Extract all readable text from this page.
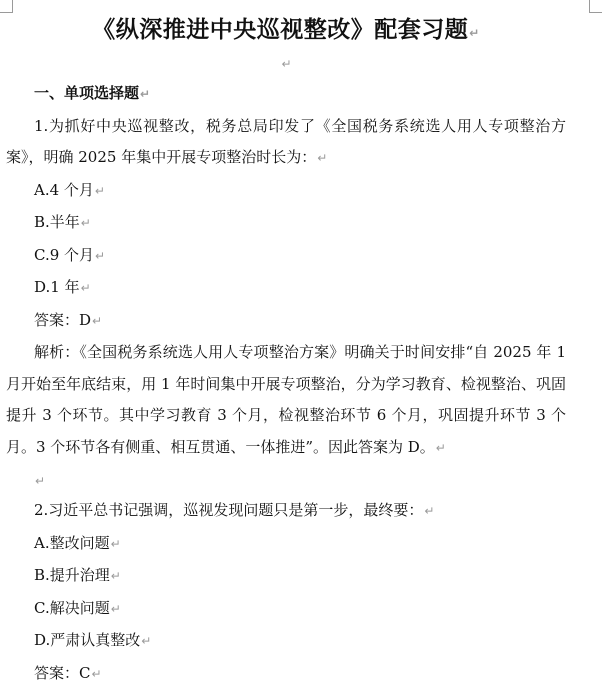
《纵深推进中央巡视整改》配套习题↵
↵

一、单项选择题↵

1.为抓好中央巡视整改，税务总局印发了《全国税务系统选人用人专项整治方案》，明确 2025 年集中开展专项整治时长为：↵

A.4 个月↵

B.半年↵

C.9 个月↵

D.1 年↵

答案：D↵

解析：《全国税务系统选人用人专项整治方案》明确关于时间安排“自 2025 年 1 月开始至年底结束，用 1 年时间集中开展专项整治，分为学习教育、检视整治、巩固提升 3 个环节。其中学习教育 3 个月，检视整治环节 6 个月，巩固提升环节 3 个月。3 个环节各有侧重、相互贯通、一体推进”。因此答案为 D。↵

↵

2.习近平总书记强调，巡视发现问题只是第一步，最终要：↵

A.整改问题↵

B.提升治理↵

C.解决问题↵

D.严肃认真整改↵

答案：C↵
